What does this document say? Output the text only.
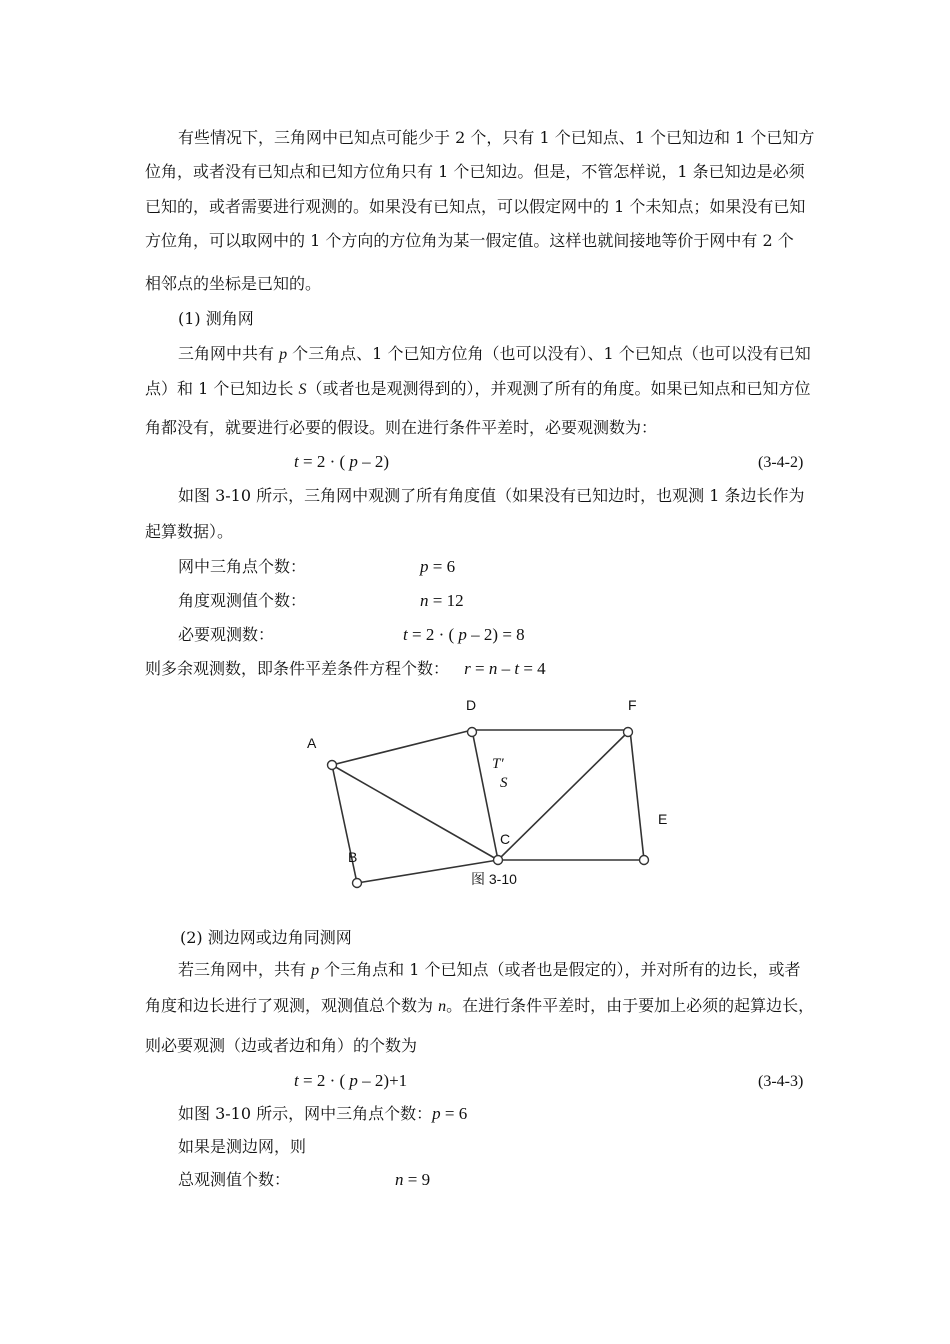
有些情况下，三角网中已知点可能少于 2 个，只有 1 个已知点、1 个已知边和 1 个已知方
位角，或者没有已知点和已知方位角只有 1 个已知边。但是，不管怎样说，1 条已知边是必须
已知的，或者需要进行观测的。如果没有已知点，可以假定网中的 1 个未知点；如果没有已知
方位角，可以取网中的 1 个方向的方位角为某一假定值。这样也就间接地等价于网中有 2 个
相邻点的坐标是已知的。
(1) 测角网
三角网中共有 p 个三角点、1 个已知方位角（也可以没有）、1 个已知点（也可以没有已知
点）和 1 个已知边长 S（或者也是观测得到的），并观测了所有的角度。如果已知点和已知方位
角都没有，就要进行必要的假设。则在进行条件平差时，必要观测数为：
t = 2 · ( p – 2)	(3-4-2)
如图 3-10 所示，三角网中观测了所有角度值（如果没有已知边时，也观测 1 条边长作为
起算数据）。
网中三角点个数：	p = 6
角度观测值个数：	n = 12
必要观测数：	t = 2 · ( p – 2) = 8
则多余观测数，即条件平差条件方程个数： r = n – t = 4
A
B
C
D
E
F
T′
S
图 3-10
(2) 测边网或边角同测网
若三角网中，共有 p 个三角点和 1 个已知点（或者也是假定的），并对所有的边长，或者
角度和边长进行了观测，观测值总个数为 n。在进行条件平差时，由于要加上必须的起算边长，
则必要观测（边或者边和角）的个数为
t = 2 · ( p – 2)+1	(3-4-3)
如图 3-10 所示，网中三角点个数：p = 6
如果是测边网，则
总观测值个数：	n = 9
